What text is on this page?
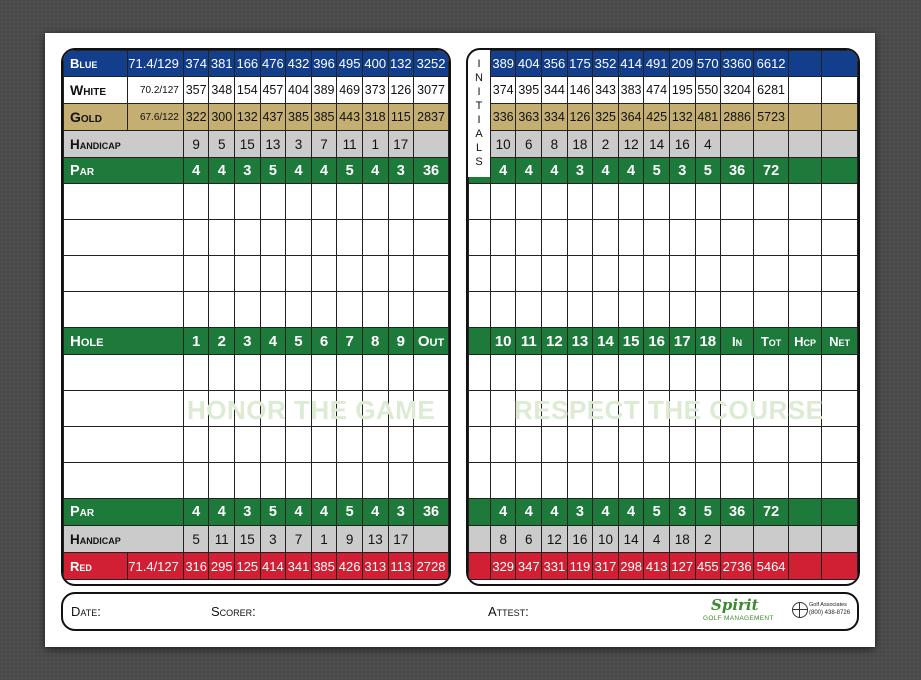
Blue	71.4/129	374	381	166	476	432	396	495	400	132	3252
White	70.2/127	357	348	154	457	404	389	469	373	126	3077
Gold	67.6/122	322	300	132	437	385	385	443	318	115	2837
Handicap		9	5	15	13	3	7	11	1	17	
Par		4	4	3	5	4	4	5	4	3	36

Hole		1	2	3	4	5	6	7	8	9	Out

Par		4	4	3	5	4	4	5	4	3	36
Handicap		5	11	15	3	7	1	9	13	17	
Red	71.4/127	316	295	125	414	341	385	426	313	113	2728
HONOR THE GAME
	389	404	356	175	352	414	491	209	570	3360	6612		
	374	395	344	146	343	383	474	195	550	3204	6281		
	336	363	334	126	325	364	425	132	481	2886	5723		
	10	6	8	18	2	12	14	16	4				
	4	4	4	3	4	4	5	3	5	36	72		

	10	11	12	13	14	15	16	17	18	In	Tot	Hcp	Net

	4	4	4	3	4	4	5	3	5	36	72		
	8	6	12	16	10	14	4	18	2				
	329	347	331	119	317	298	413	127	455	2736	5464		
INITIALS
RESPECT THE COURSE
Date:	Scorer:	Attest:	Spirit
GOLF MANAGEMENT
Golf Associates
(800) 438-8726
